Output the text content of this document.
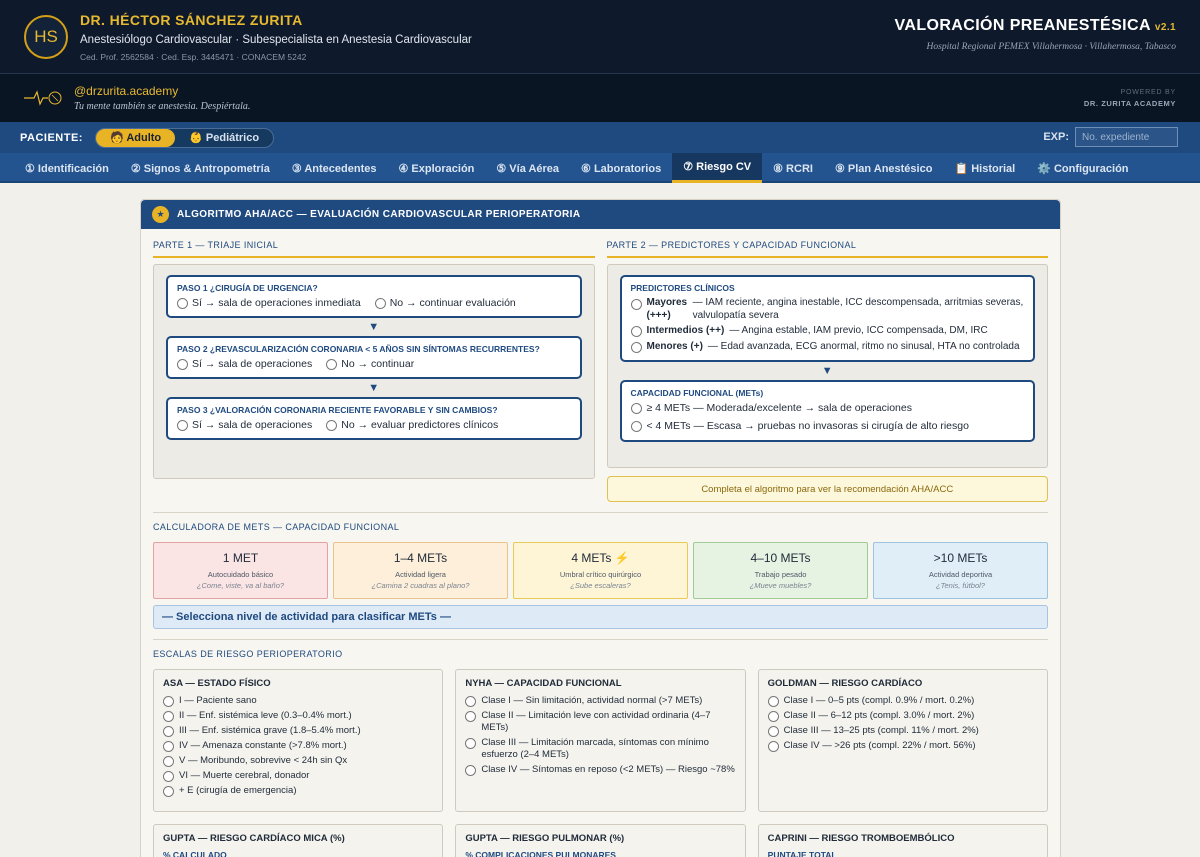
HS
DR. HÉCTOR SÁNCHEZ ZURITA
Anestesiólogo Cardiovascular · Subespecialista en Anestesia Cardiovascular
Ced. Prof. 2562584 · Ced. Esp. 3445471 · CONACEM 5242
VALORACIÓN PREANESTÉSICA v2.1
Hospital Regional PEMEX Villahermosa · Villahermosa, Tabasco
@drzurita.academy
Tu mente también se anestesia. Despiértala.
POWERED BY
DR. ZURITA ACADEMY
PACIENTE:	🧑 Adulto	👶 Pediátrico	EXP:
No. expediente
① Identificación	② Signos & Antropometría	③ Antecedentes	④ Exploración	⑤ Vía Aérea	⑥ Laboratorios	⑦ Riesgo CV	⑧ RCRI	⑨ Plan Anestésico	📋 Historial	⚙️ Configuración
★	ALGORITMO AHA/ACC — EVALUACIÓN CARDIOVASCULAR PERIOPERATORIA
PARTE 1 — TRIAJE INICIAL
PASO 1 ¿CIRUGÍA DE URGENCIA?
Sí → sala de operaciones inmediata	No → continuar evaluación
▼
PASO 2 ¿REVASCULARIZACIÓN CORONARIA < 5 AÑOS SIN SÍNTOMAS RECURRENTES?
Sí → sala de operaciones	No → continuar
▼
PASO 3 ¿VALORACIÓN CORONARIA RECIENTE FAVORABLE Y SIN CAMBIOS?
Sí → sala de operaciones	No → evaluar predictores clínicos
PARTE 2 — PREDICTORES Y CAPACIDAD FUNCIONAL
PREDICTORES CLÍNICOS
Mayores (+++)
— IAM reciente, angina inestable, ICC descompensada, arritmias severas, valvulopatía severa
Intermedios (++) — Angina estable, IAM previo, ICC compensada, DM, IRC
Menores (+) — Edad avanzada, ECG anormal, ritmo no sinusal, HTA no controlada
▼
CAPACIDAD FUNCIONAL (METs)
≥ 4 METs — Moderada/excelente → sala de operaciones
< 4 METs — Escasa → pruebas no invasoras si cirugía de alto riesgo
Completa el algoritmo para ver la recomendación AHA/ACC
CALCULADORA DE METS — CAPACIDAD FUNCIONAL
1 MET
Autocuidado básico
¿Come, viste, va al baño?
1–4 METs
Actividad ligera
¿Camina 2 cuadras al plano?
4 METs ⚡
Umbral crítico quirúrgico
¿Sube escaleras?
4–10 METs
Trabajo pesado
¿Mueve muebles?
>10 METs
Actividad deportiva
¿Tenis, fútbol?
— Selecciona nivel de actividad para clasificar METs —
ESCALAS DE RIESGO PERIOPERATORIO
ASA — ESTADO FÍSICO
I — Paciente sano
II — Enf. sistémica leve (0.3–0.4% mort.)
III — Enf. sistémica grave (1.8–5.4% mort.)
IV — Amenaza constante (>7.8% mort.)
V — Moribundo, sobrevive < 24h sin Qx
VI — Muerte cerebral, donador
+ E (cirugía de emergencia)
NYHA — CAPACIDAD FUNCIONAL
Clase I — Sin limitación, actividad normal (>7 METs)
Clase II — Limitación leve con actividad ordinaria (4–7 METs)
Clase III — Limitación marcada, síntomas con mínimo esfuerzo (2–4 METs)
Clase IV — Síntomas en reposo (<2 METs) — Riesgo ~78%
GOLDMAN — RIESGO CARDÍACO
Clase I — 0–5 pts (compl. 0.9% / mort. 0.2%)
Clase II — 6–12 pts (compl. 3.0% / mort. 2%)
Clase III — 13–25 pts (compl. 11% / mort. 2%)
Clase IV — >26 pts (compl. 22% / mort. 56%)
GUPTA — RIESGO CARDÍACO MICA (%)
% CALCULADO
GUPTA — RIESGO PULMONAR (%)
% COMPLICACIONES PULMONARES
CAPRINI — RIESGO TROMBOEMBÓLICO
PUNTAJE TOTAL
